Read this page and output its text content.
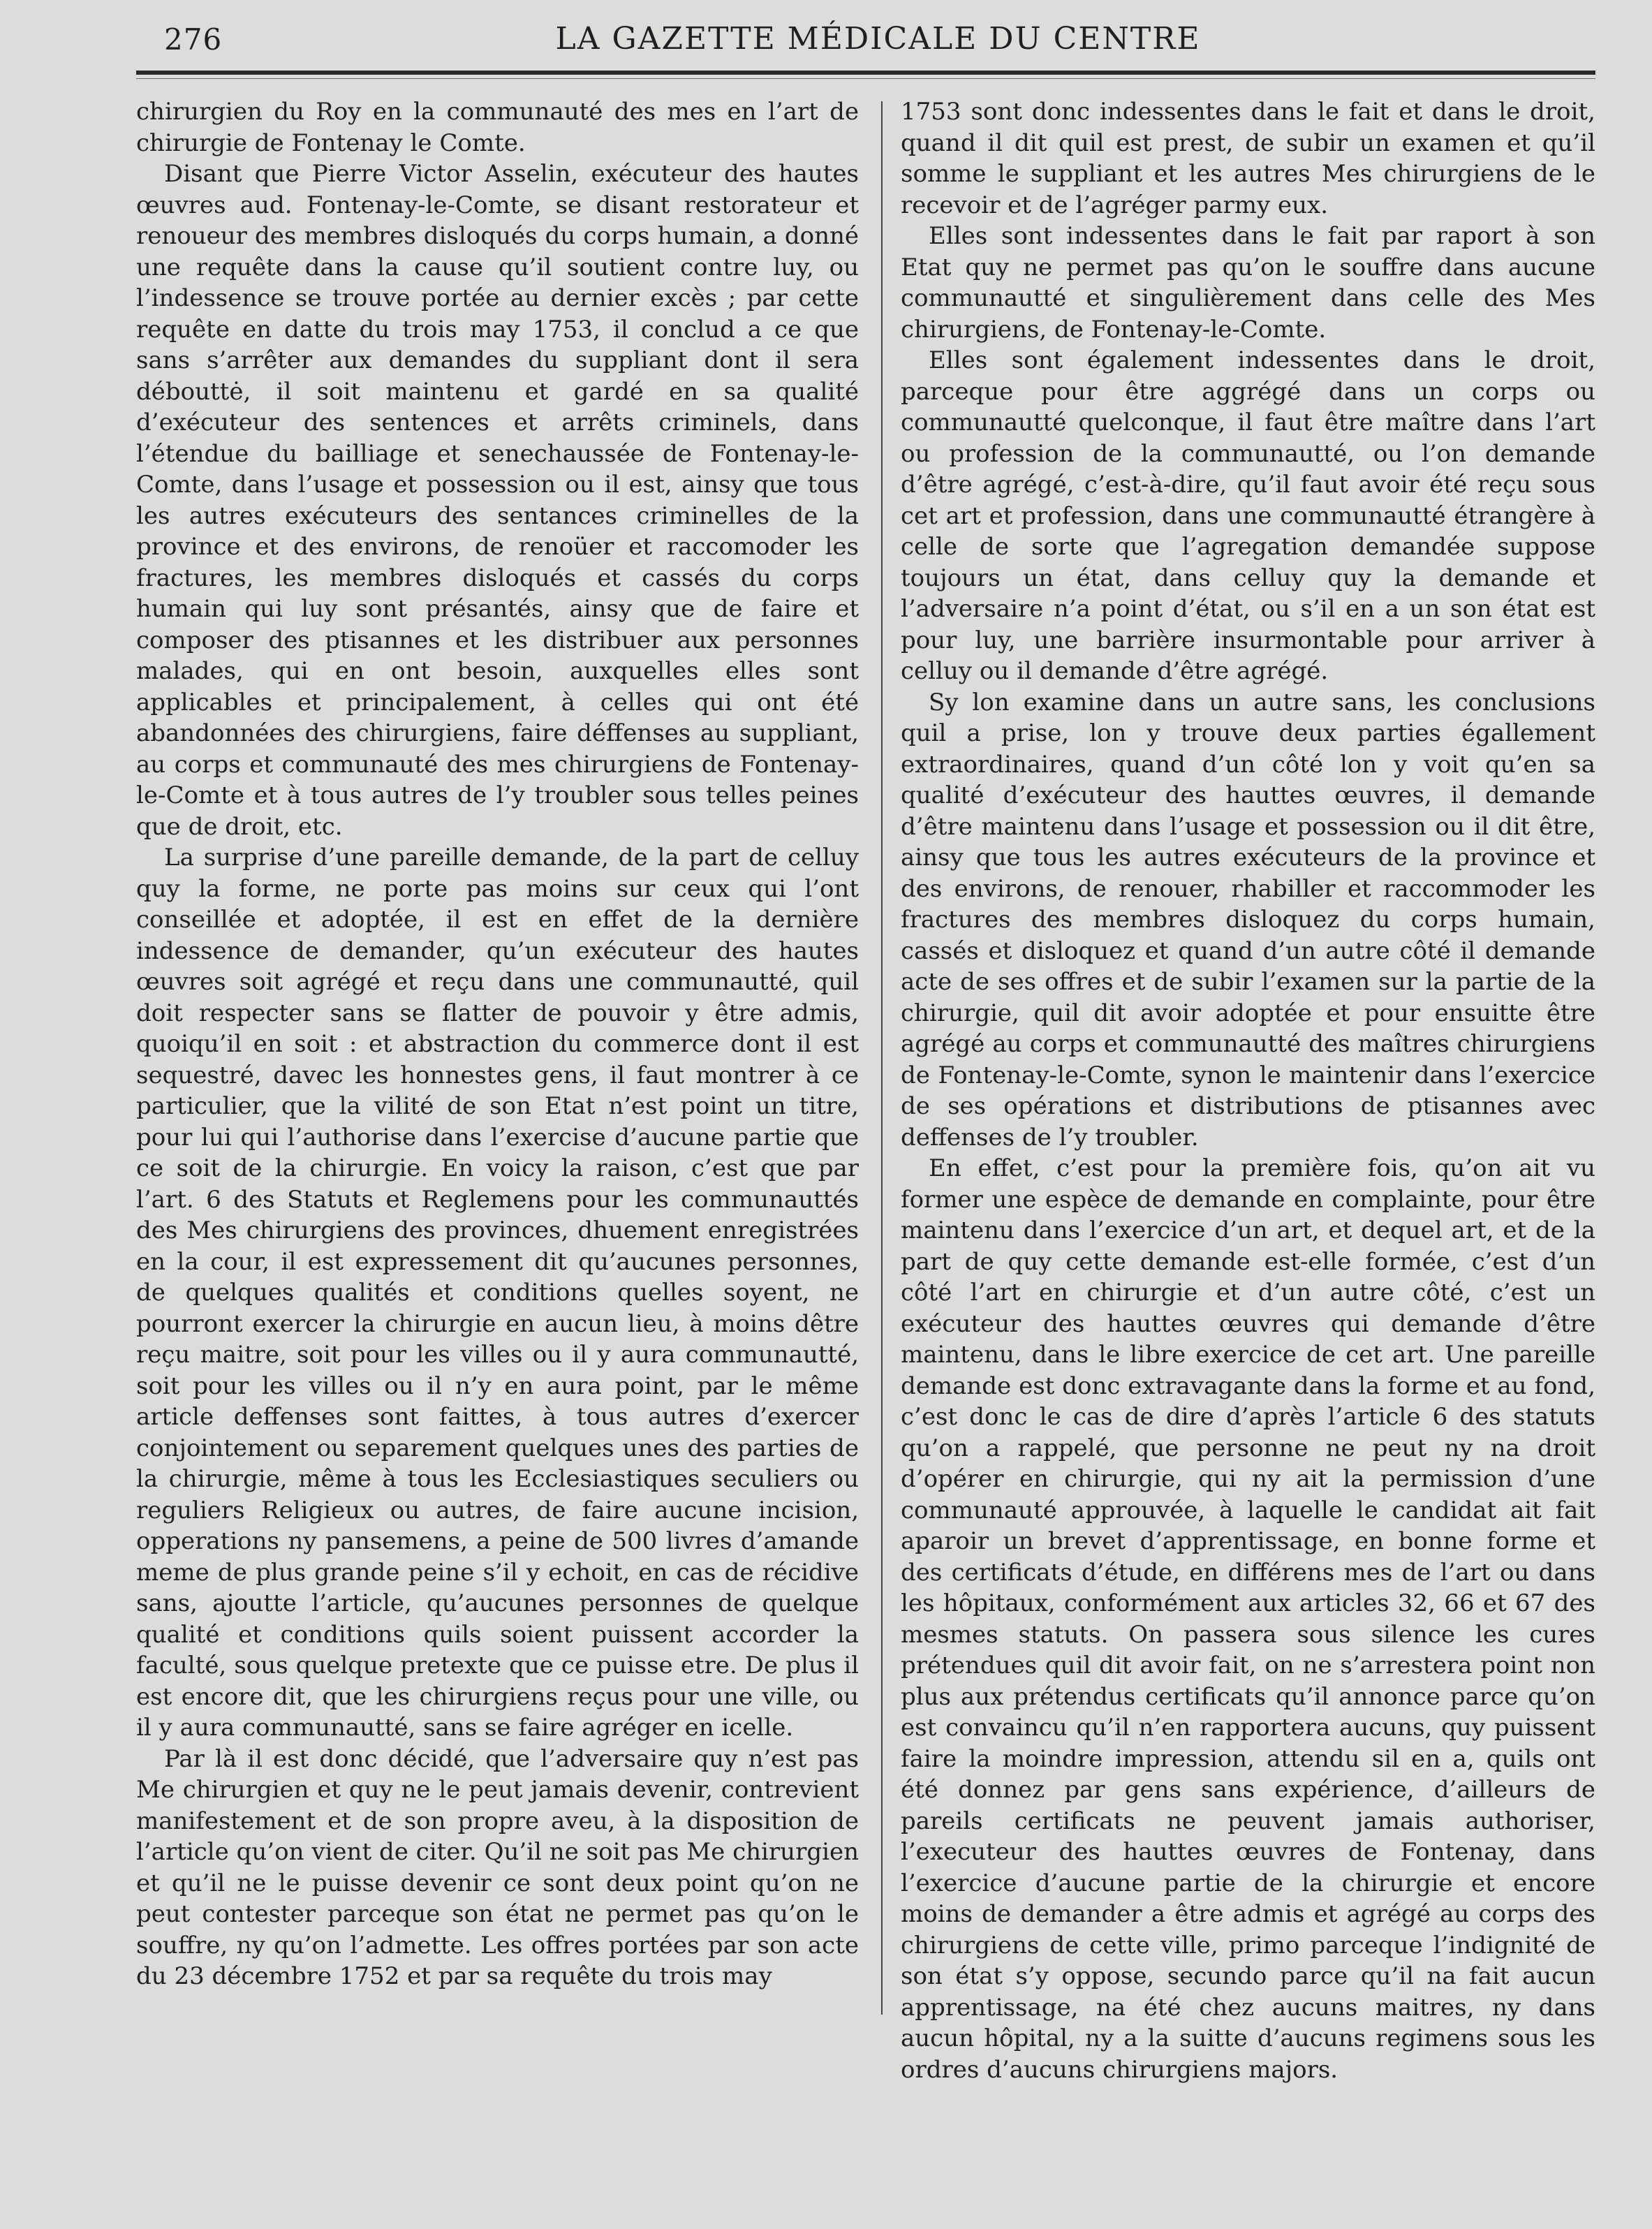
276	LA GAZETTE MÉDICALE DU CENTRE

chirurgien du Roy en la communauté des mes en l’art de chirurgie de Fontenay le Comte.

Disant que Pierre Victor Asselin, exécuteur des hautes œuvres aud. Fontenay-le-Comte, se disant restorateur et renoueur des membres disloqués du corps humain, a donné une requête dans la cause qu’il soutient contre luy, ou l’indessence se trouve portée au dernier excès ; par cette requête en datte du trois may 1753, il conclud a ce que sans s’arrêter aux demandes du suppliant dont il sera débouttė, il soit maintenu et gardé en sa qualité d’exécuteur des sentences et arrêts criminels, dans l’étendue du bailliage et senechaussée de Fontenay-le-Comte, dans l’usage et possession ou il est, ainsy que tous les autres exécuteurs des sentances criminelles de la province et des environs, de renoüer et raccomoder les fractures, les membres disloqués et cassés du corps humain qui luy sont présantés, ainsy que de faire et composer des ptisannes et les distribuer aux personnes malades, qui en ont besoin, auxquelles elles sont applicables et principalement, à celles qui ont été abandonnées des chirurgiens, faire déffenses au suppliant, au corps et communauté des mes chirurgiens de Fontenay-le-Comte et à tous autres de l’y troubler sous telles peines que de droit, etc.

La surprise d’une pareille demande, de la part de celluy quy la forme, ne porte pas moins sur ceux qui l’ont conseillée et adoptée, il est en effet de la dernière indessence de demander, qu’un exécuteur des hautes œuvres soit agrégé et reçu dans une communautté, quil doit respecter sans se flatter de pouvoir y être admis, quoiqu’il en soit : et abstraction du commerce dont il est sequestré, davec les honnestes gens, il faut montrer à ce particulier, que la vilité de son Etat n’est point un titre, pour lui qui l’authorise dans l’exercise d’aucune partie que ce soit de la chirurgie. En voicy la raison, c’est que par l’art. 6 des Statuts et Reglemens pour les communauttés des Mes chirurgiens des provinces, dhuement enregistrées en la cour, il est expressement dit qu’aucunes personnes, de quelques qualités et conditions quelles soyent, ne pourront exercer la chirurgie en aucun lieu, à moins dêtre reçu maitre, soit pour les villes ou il y aura communautté, soit pour les villes ou il n’y en aura point, par le même article deffenses sont faittes, à tous autres d’exercer conjointement ou separement quelques unes des parties de la chirurgie, même à tous les Ecclesiastiques seculiers ou reguliers Religieux ou autres, de faire aucune incision, opperations ny pansemens, a peine de 500 livres d’amande meme de plus grande peine s’il y echoit, en cas de récidive sans, ajoutte l’article, qu’aucunes personnes de quelque qualité et conditions quils soient puissent accorder la faculté, sous quelque pretexte que ce puisse etre. De plus il est encore dit, que les chirurgiens reçus pour une ville, ou il y aura communautté, sans se faire agréger en icelle.

Par là il est donc décidé, que l’adversaire quy n’est pas Me chirurgien et quy ne le peut jamais devenir, contrevient manifestement et de son propre aveu, à la disposition de l’article qu’on vient de citer. Qu’il ne soit pas Me chirurgien et qu’il ne le puisse devenir ce sont deux point qu’on ne peut contester parceque son état ne permet pas qu’on le souffre, ny qu’on l’admette. Les offres portées par son acte du 23 décembre 1752 et par sa requête du trois may

1753 sont donc indessentes dans le fait et dans le droit, quand il dit quil est prest, de subir un examen et qu’il somme le suppliant et les autres Mes chirurgiens de le recevoir et de l’agréger parmy eux.

Elles sont indessentes dans le fait par raport à son Etat quy ne permet pas qu’on le souffre dans aucune communautté et singulièrement dans celle des Mes chirurgiens, de Fontenay-le-Comte.

Elles sont également indessentes dans le droit, parceque pour être aggrégé dans un corps ou communautté quelconque, il faut être maître dans l’art ou profession de la communautté, ou l’on demande d’être agrégé, c’est-à-dire, qu’il faut avoir été reçu sous cet art et profession, dans une communautté étrangère à celle de sorte que l’agregation demandée suppose toujours un état, dans celluy quy la demande et l’adversaire n’a point d’état, ou s’il en a un son état est pour luy, une barrière insurmontable pour arriver à celluy ou il demande d’être agrégé.

Sy lon examine dans un autre sans, les conclusions quil a prise, lon y trouve deux parties égallement extraordinaires, quand d’un côté lon y voit qu’en sa qualité d’exécuteur des hauttes œuvres, il demande d’être maintenu dans l’usage et possession ou il dit être, ainsy que tous les autres exécuteurs de la province et des environs, de renouer, rhabiller et raccommoder les fractures des membres disloquez du corps humain, cassés et disloquez et quand d’un autre côté il demande acte de ses offres et de subir l’examen sur la partie de la chirurgie, quil dit avoir adoptée et pour ensuitte être agrégé au corps et communautté des maîtres chirurgiens de Fontenay-le-Comte, synon le maintenir dans l’exercice de ses opérations et distributions de ptisannes avec deffenses de l’y troubler.

En effet, c’est pour la première fois, qu’on ait vu former une espèce de demande en complainte, pour être maintenu dans l’exercice d’un art, et dequel art, et de la part de quy cette demande est-elle formée, c’est d’un côté l’art en chirurgie et d’un autre côté, c’est un exécuteur des hauttes œuvres qui demande d’être maintenu, dans le libre exercice de cet art. Une pareille demande est donc extravagante dans la forme et au fond, c’est donc le cas de dire d’après l’article 6 des statuts qu’on a rappelé, que personne ne peut ny na droit d’opérer en chirurgie, qui ny ait la permission d’une communauté approuvée, à laquelle le candidat ait fait aparoir un brevet d’apprentissage, en bonne forme et des certificats d’étude, en différens mes de l’art ou dans les hôpitaux, conformément aux articles 32, 66 et 67 des mesmes statuts. On passera sous silence les cures prétendues quil dit avoir fait, on ne s’arrestera point non plus aux prétendus certificats qu’il annonce parce qu’on est convaincu qu’il n’en rapportera aucuns, quy puissent faire la moindre impression, attendu sil en a, quils ont été donnez par gens sans expérience, d’ailleurs de pareils certificats ne peuvent jamais authoriser, l’executeur des hauttes œuvres de Fontenay, dans l’exercice d’aucune partie de la chirurgie et encore moins de demander a être admis et agrégé au corps des chirurgiens de cette ville, primo parceque l’indignité de son état s’y oppose, secundo parce qu’il na fait aucun apprentissage, na été chez aucuns maitres, ny dans aucun hôpital, ny a la suitte d’aucuns regimens sous les ordres d’aucuns chirurgiens majors.
